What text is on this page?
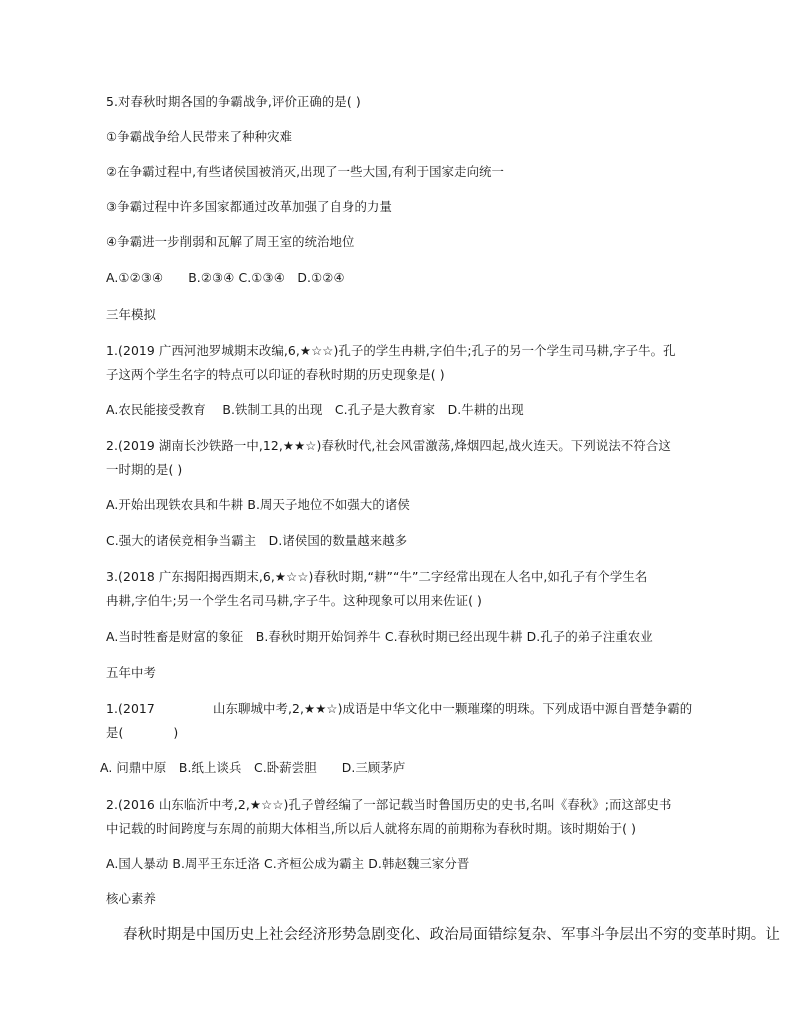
5.对春秋时期各国的争霸战争,评价正确的是( )
①争霸战争给人民带来了种种灾难
②在争霸过程中,有些诸侯国被消灭,出现了一些大国,有利于国家走向统一
③争霸过程中许多国家都通过改革加强了自身的力量
④争霸进一步削弱和瓦解了周王室的统治地位
A.①②③④　　B.②③④ C.①③④　D.①②④
三年模拟
1.(2019 广西河池罗城期末改编,6,★☆☆)孔子的学生冉耕,字伯牛;孔子的另一个学生司马耕,字子牛。孔
子这两个学生名字的特点可以印证的春秋时期的历史现象是( )
A.农民能接受教育　 B.铁制工具的出现　C.孔子是大教育家　D.牛耕的出现
2.(2019 湖南长沙铁路一中,12,★★☆)春秋时代,社会风雷激荡,烽烟四起,战火连天。下列说法不符合这
一时期的是( )
A.开始出现铁农具和牛耕 B.周天子地位不如强大的诸侯
C.强大的诸侯竞相争当霸主　D.诸侯国的数量越来越多
3.(2018 广东揭阳揭西期末,6,★☆☆)春秋时期,“耕”“牛”二字经常出现在人名中,如孔子有个学生名
冉耕,字伯牛;另一个学生名司马耕,字子牛。这种现象可以用来佐证( )
A.当时牲畜是财富的象征　B.春秋时期开始饲养牛 C.春秋时期已经出现牛耕 D.孔子的弟子注重农业
五年中考
1.(2017	山东聊城中考,2,★★☆)成语是中华文化中一颗璀璨的明珠。下列成语中源自晋楚争霸的
是(　　　　)
A. 问鼎中原　B.纸上谈兵　C.卧薪尝胆　　D.三顾茅庐
2.(2016 山东临沂中考,2,★☆☆)孔子曾经编了一部记载当时鲁国历史的史书,名叫《春秋》;而这部史书
中记载的时间跨度与东周的前期大体相当,所以后人就将东周的前期称为春秋时期。该时期始于( )
A.国人暴动 B.周平王东迁洛 C.齐桓公成为霸主 D.韩赵魏三家分晋
核心素养
春秋时期是中国历史上社会经济形势急剧变化、政治局面错综复杂、军事斗争层出不穷的变革时期。让
